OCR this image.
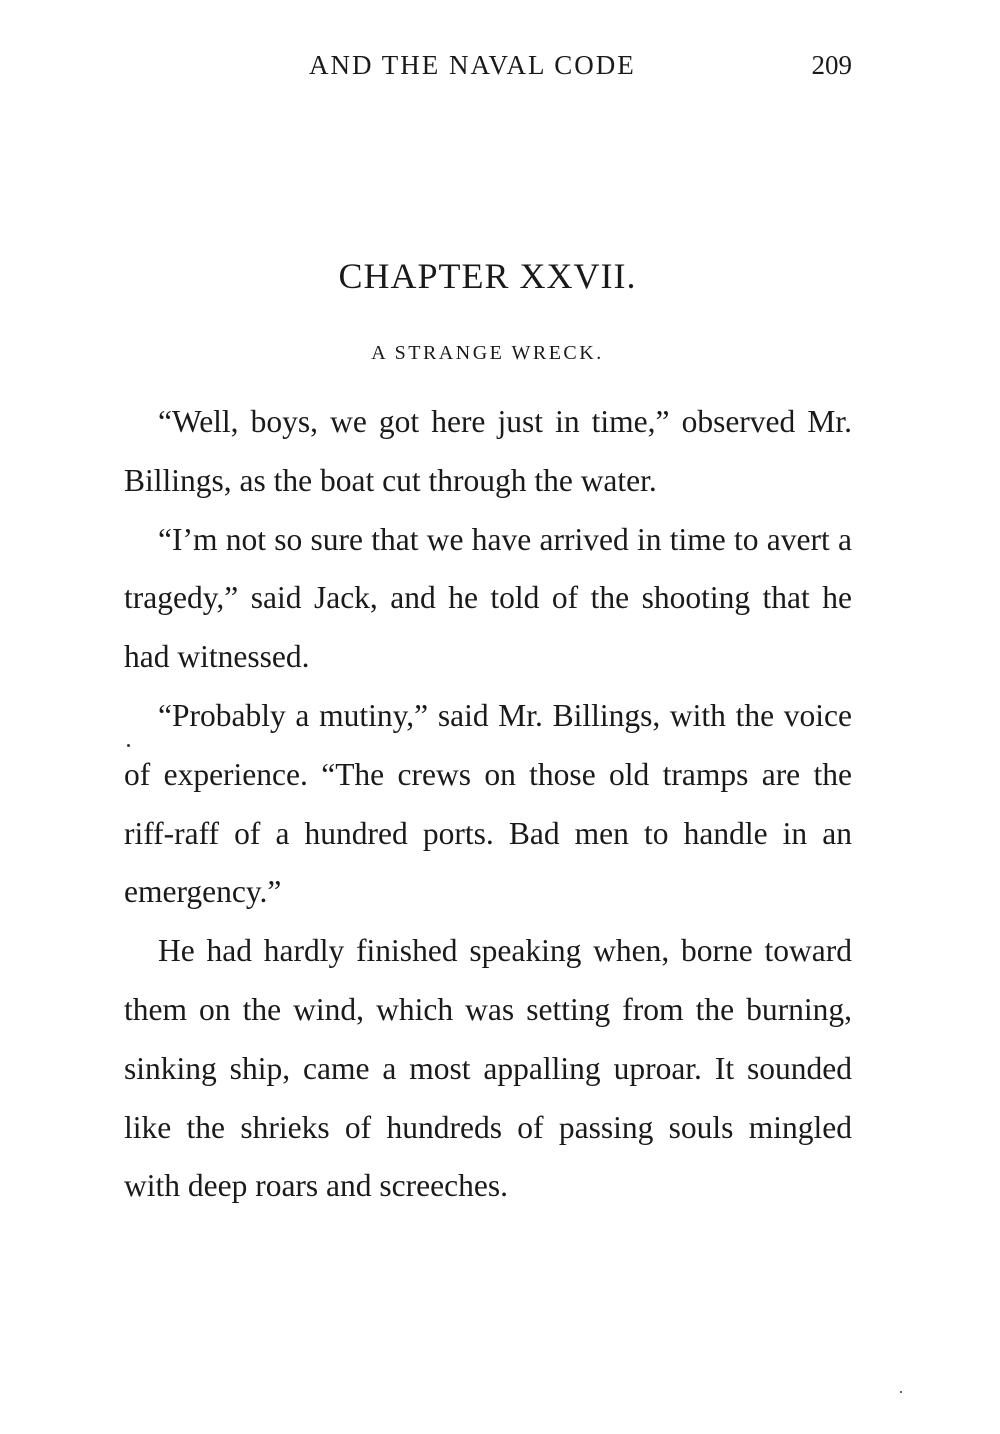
AND THE NAVAL CODE	209
CHAPTER XXVII.
A STRANGE WRECK.

“Well, boys, we got here just in time,” observed Mr. Billings, as the boat cut through the water.

“I’m not so sure that we have arrived in time to avert a tragedy,” said Jack, and he told of the shooting that he had witnessed.

“Probably a mutiny,” said Mr. Billings, with the voice of experience. “The crews on those old tramps are the riff-raff of a hundred ports. Bad men to handle in an emergency.”

He had hardly finished speaking when, borne toward them on the wind, which was setting from the burning, sinking ship, came a most appalling uproar. It sounded like the shrieks of hundreds of passing souls mingled with deep roars and screeches.
